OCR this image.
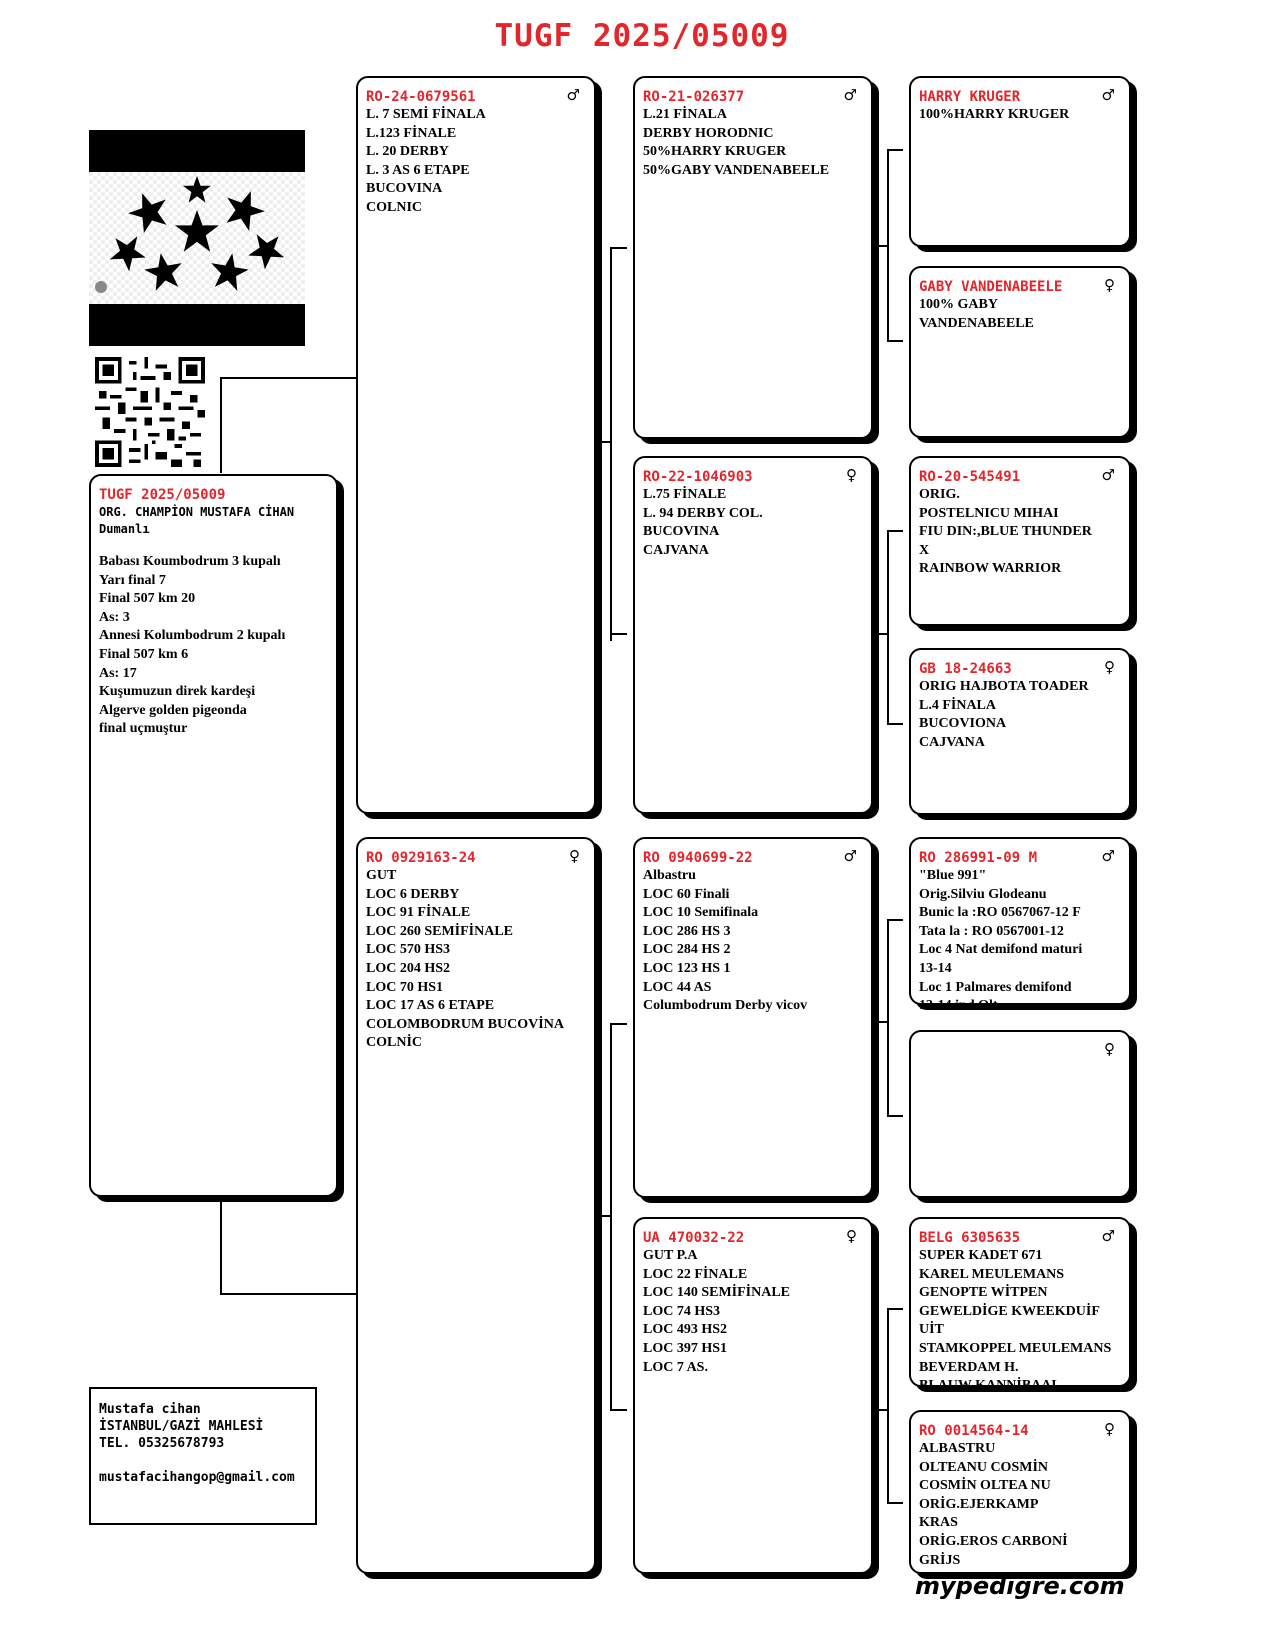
TUGF 2025/05009
TUGF 2025/05009
ORG. CHAMPİON MUSTAFA CİHAN
Dumanlı
Babası Koumbodrum 3 kupalı
Yarı final 7
Final 507 km 20
As: 3
Annesi Kolumbodrum 2 kupalı
Final 507 km 6
As: 17
Kuşumuzun direk kardeşi
Algerve golden pigeonda
final uçmuştur
Mustafa cihan
İSTANBUL/GAZİ MAHLESİ
TEL. 05325678793
mustafacihangop@gmail.com
RO-24-0679561	♂
L. 7 SEMİ FİNALA
L.123 FİNALE
L. 20 DERBY
L. 3 AS 6 ETAPE
BUCOVINA
COLNIC
RO 0929163-24	♀
GUT
LOC 6 DERBY
LOC 91 FİNALE
LOC 260 SEMİFİNALE
LOC 570 HS3
LOC 204 HS2
LOC 70 HS1
LOC 17 AS 6 ETAPE
COLOMBODRUM BUCOVİNA
COLNİC
RO-21-026377	♂
L.21 FİNALA
DERBY HORODNIC
50%HARRY KRUGER
50%GABY VANDENABEELE
RO-22-1046903	♀
L.75 FİNALE
L. 94 DERBY COL.
BUCOVINA
CAJVANA
RO 0940699-22	♂
Albastru
LOC 60 Finali
LOC 10 Semifinala
LOC 286 HS 3
LOC 284 HS 2
LOC 123 HS 1
LOC 44 AS
Columbodrum Derby vicov
UA 470032-22	♀
GUT P.A
LOC 22 FİNALE
LOC 140 SEMİFİNALE
LOC 74 HS3
LOC 493 HS2
LOC 397 HS1
LOC 7 AS.
HARRY KRUGER	♂
100%HARRY KRUGER
GABY VANDENABEELE	♀
100% GABY
VANDENABEELE
RO-20-545491	♂
ORIG.
POSTELNICU MIHAI
FIU DIN:,BLUE THUNDER
X
RAINBOW WARRIOR
GB 18-24663	♀
ORIG HAJBOTA TOADER
L.4 FİNALA
BUCOVIONA
CAJVANA
RO 286991-09 M	♂
"Blue 991"
Orig.Silviu Glodeanu
Bunic la :RO 0567067-12 F
Tata la : RO 0567001-12
Loc 4 Nat demifond maturi
13-14
Loc 1 Palmares demifond
13-14 ind Olt
♀
BELG 6305635	♂
SUPER KADET 671
KAREL MEULEMANS
GENOPTE WİTPEN
GEWELDİGE KWEEKDUİF
UİT
STAMKOPPEL MEULEMANS
BEVERDAM H.
BLAUW KANNİBAAL
RO 0014564-14	♀
ALBASTRU
OLTEANU COSMİN
COSMİN OLTEA NU
ORİG.EJERKAMP
KRAS
ORİG.EROS CARBONİ
GRİJS
mypedigre.com
